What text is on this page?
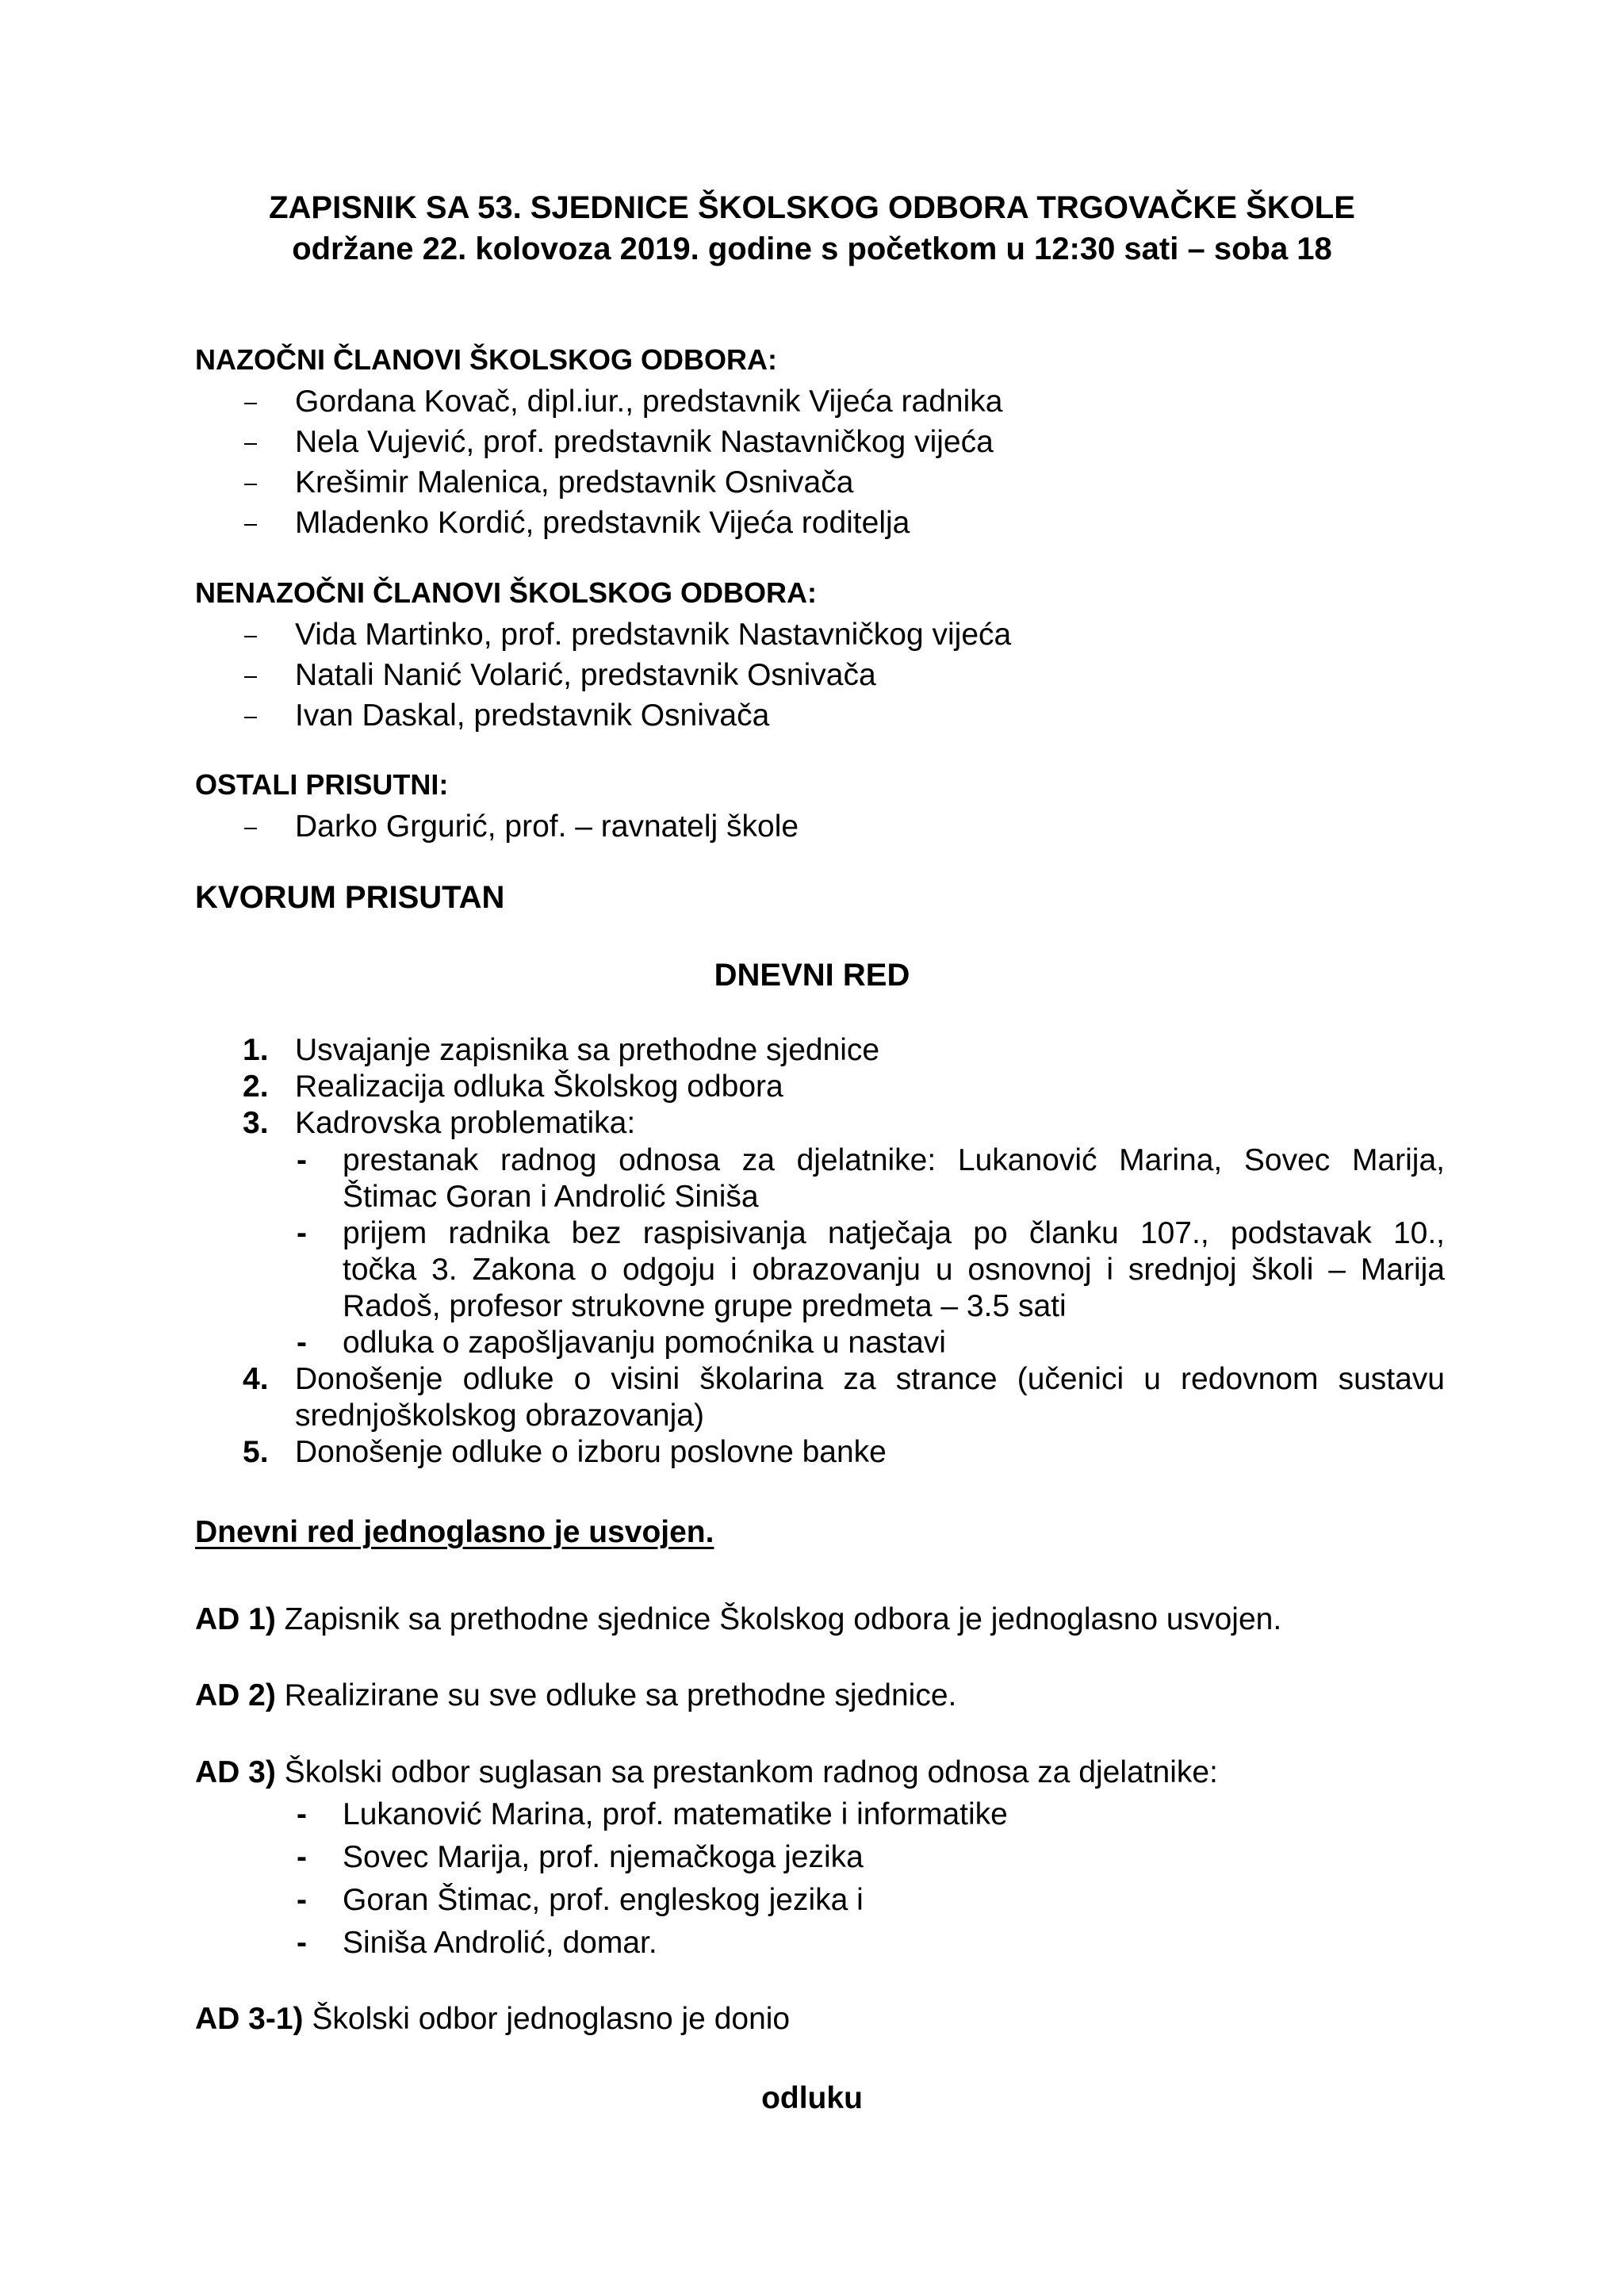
ZAPISNIK SA 53. SJEDNICE ŠKOLSKOG ODBORA TRGOVAČKE ŠKOLE
održane 22. kolovoza 2019. godine s početkom u 12:30 sati – soba 18
NAZOČNI ČLANOVI ŠKOLSKOG ODBORA:
Gordana Kovač, dipl.iur., predstavnik Vijeća radnika
Nela Vujević, prof. predstavnik Nastavničkog vijeća
Krešimir Malenica, predstavnik Osnivača
Mladenko Kordić, predstavnik Vijeća roditelja
NENAZOČNI ČLANOVI ŠKOLSKOG ODBORA:
Vida Martinko, prof. predstavnik Nastavničkog vijeća
Natali Nanić Volarić, predstavnik Osnivača
Ivan Daskal, predstavnik Osnivača
OSTALI PRISUTNI:
Darko Grgurić, prof. – ravnatelj škole
KVORUM PRISUTAN
DNEVNI RED
1. Usvajanje zapisnika sa prethodne sjednice
2. Realizacija odluka Školskog odbora
3. Kadrovska problematika:
- prestanak radnog odnosa za djelatnike: Lukanović Marina, Sovec Marija,
Štimac Goran i Androlić Siniša
- prijem radnika bez raspisivanja natječaja po članku 107., podstavak 10.,
točka 3. Zakona o odgoju i obrazovanju u osnovnoj i srednjoj školi – Marija
Radoš, profesor strukovne grupe predmeta – 3.5 sati
- odluka o zapošljavanju pomoćnika u nastavi
4. Donošenje odluke o visini školarina za strance (učenici u redovnom sustavu
srednjoškolskog obrazovanja)
5. Donošenje odluke o izboru poslovne banke
Dnevni red jednoglasno je usvojen.
AD 1) Zapisnik sa prethodne sjednice Školskog odbora je jednoglasno usvojen.
AD 2) Realizirane su sve odluke sa prethodne sjednice.
AD 3) Školski odbor suglasan sa prestankom radnog odnosa za djelatnike:
- Lukanović Marina, prof. matematike i informatike
- Sovec Marija, prof. njemačkoga jezika
- Goran Štimac, prof. engleskog jezika i
- Siniša Androlić, domar.
AD 3-1) Školski odbor jednoglasno je donio
odluku
